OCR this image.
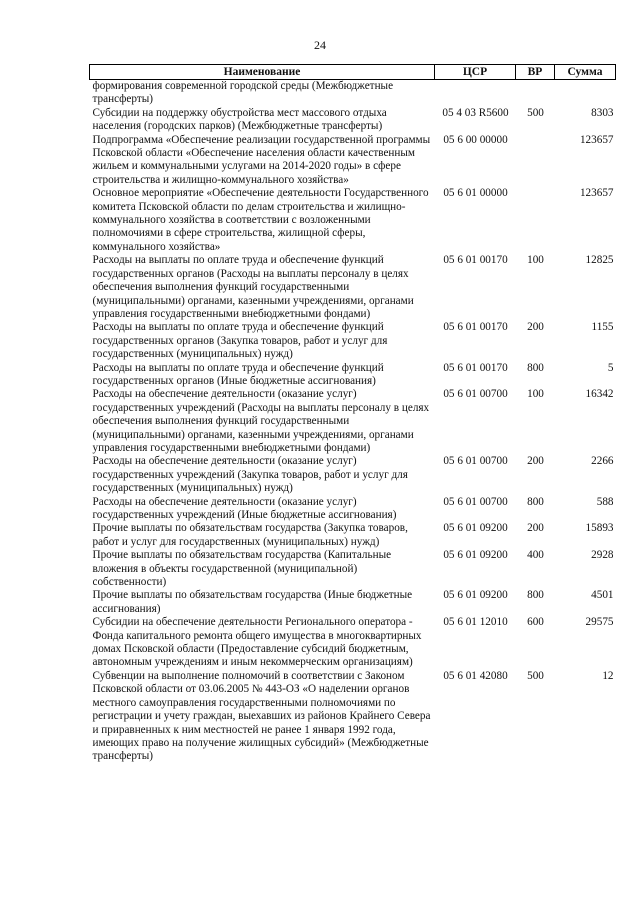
24
Наименование	ЦСР	ВР	Сумма
формирования современной городской среды (Межбюджетные трансферты)			
Субсидии на поддержку обустройства мест массового отдыха населения (городских парков) (Межбюджетные трансферты)	05 4 03 R5600	500	8303
Подпрограмма «Обеспечение реализации государственной программы Псковской области «Обеспечение населения области качественным жильем и коммунальными услугами на 2014-2020 годы» в сфере строительства и жилищно-коммунального хозяйства»	05 6 00 00000		123657
Основное мероприятие «Обеспечение деятельности Государственного комитета Псковской области по делам строительства и жилищно-коммунального хозяйства в соответствии с возложенными полномочиями в сфере строительства, жилищной сферы, коммунального хозяйства»	05 6 01 00000		123657
Расходы на выплаты по оплате труда и обеспечение функций государственных органов (Расходы на выплаты персоналу в целях обеспечения выполнения функций государственными (муниципальными) органами, казенными учреждениями, органами управления государственными внебюджетными фондами)	05 6 01 00170	100	12825
Расходы на выплаты по оплате труда и обеспечение функций государственных органов (Закупка товаров, работ и услуг для государственных (муниципальных) нужд)	05 6 01 00170	200	1155
Расходы на выплаты по оплате труда и обеспечение функций государственных органов (Иные бюджетные ассигнования)	05 6 01 00170	800	5
Расходы на обеспечение деятельности (оказание услуг) государственных учреждений (Расходы на выплаты персоналу в целях обеспечения выполнения функций государственными (муниципальными) органами, казенными учреждениями, органами управления государственными внебюджетными фондами)	05 6 01 00700	100	16342
Расходы на обеспечение деятельности (оказание услуг) государственных учреждений (Закупка товаров, работ и услуг для государственных (муниципальных) нужд)	05 6 01 00700	200	2266
Расходы на обеспечение деятельности (оказание услуг) государственных учреждений (Иные бюджетные ассигнования)	05 6 01 00700	800	588
Прочие выплаты по обязательствам государства (Закупка товаров, работ и услуг для государственных (муниципальных) нужд)	05 6 01 09200	200	15893
Прочие выплаты по обязательствам государства (Капитальные вложения в объекты государственной (муниципальной) собственности)	05 6 01 09200	400	2928
Прочие выплаты по обязательствам государства (Иные бюджетные ассигнования)	05 6 01 09200	800	4501
Субсидии на обеспечение деятельности Регионального оператора - Фонда капитального ремонта общего имущества в многоквартирных домах Псковской области (Предоставление субсидий бюджетным, автономным учреждениям и иным некоммерческим организациям)	05 6 01 12010	600	29575
Субвенции на выполнение полномочий в соответствии с Законом Псковской области от 03.06.2005 № 443-ОЗ «О наделении органов местного самоуправления государственными полномочиями по регистрации и учету граждан, выехавших из районов Крайнего Севера и приравненных к ним местностей не ранее 1 января 1992 года, имеющих право на получение жилищных субсидий» (Межбюджетные трансферты)	05 6 01 42080	500	12
